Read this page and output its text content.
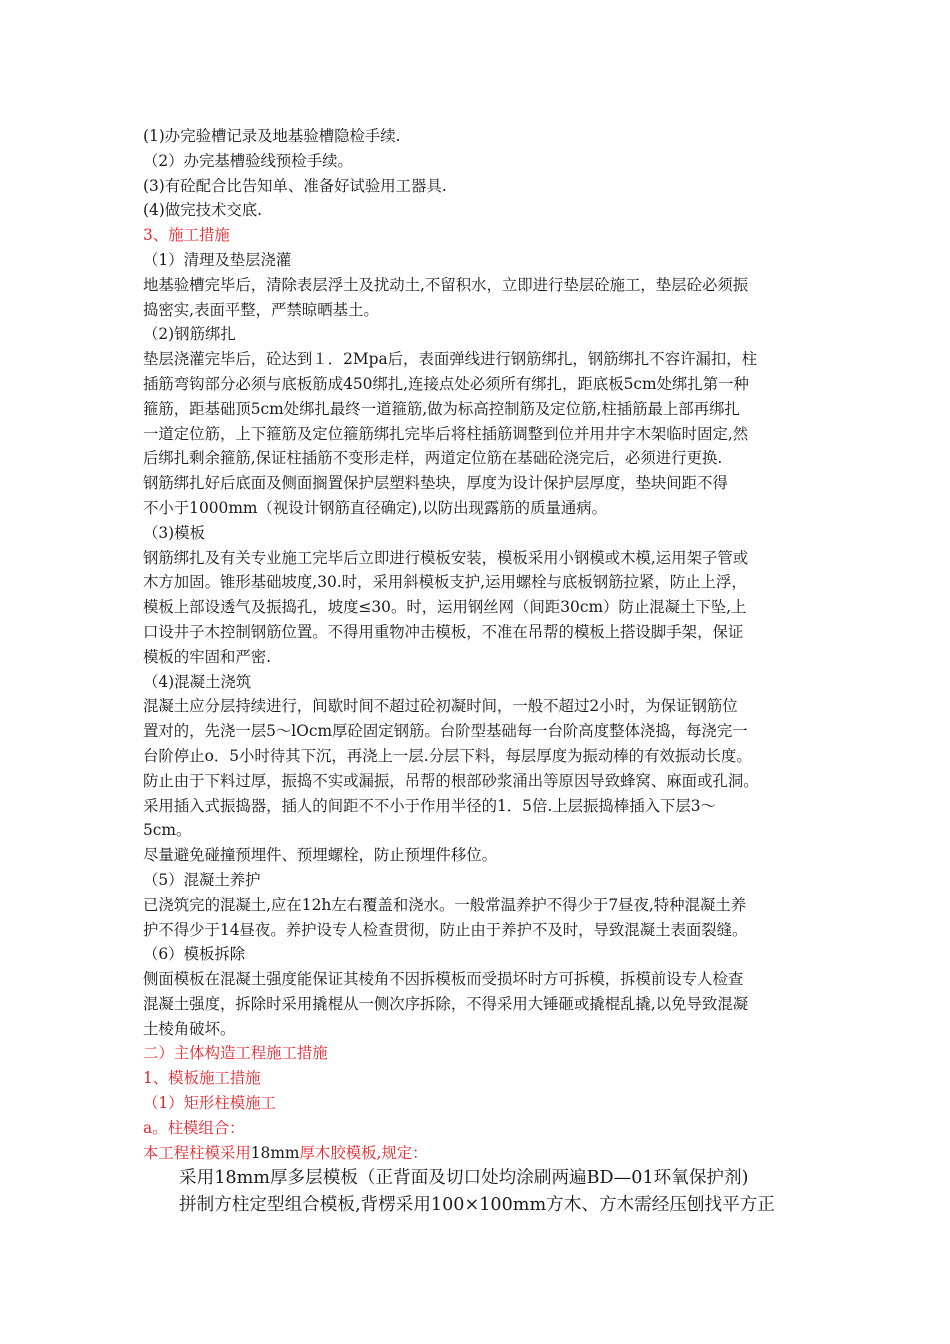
(1)办完验槽记录及地基验槽隐检手续.

（2）办完基槽验线预检手续。

(3)有砼配合比告知单、准备好试验用工器具.

(4)做完技术交底.

3、施工措施

（1）清理及垫层浇灌

地基验槽完毕后，清除表层浮土及扰动土,不留积水，立即进行垫层砼施工，垫层砼必须振

捣密实,表面平整，严禁晾晒基土。

（2)钢筋绑扎

垫层浇灌完毕后，砼达到１．2Mpa后，表面弹线进行钢筋绑扎，钢筋绑扎不容许漏扣，柱

插筋弯钩部分必须与底板筋成450绑扎,连接点处必须所有绑扎，距底板5cm处绑扎第一种

箍筋，距基础顶5cm处绑扎最终一道箍筋,做为标高控制筋及定位筋,柱插筋最上部再绑扎

一道定位筋，上下箍筋及定位箍筋绑扎完毕后将柱插筋调整到位并用井字木架临时固定,然

后绑扎剩余箍筋,保证柱插筋不变形走样，两道定位筋在基础砼浇完后，必须进行更换.

钢筋绑扎好后底面及侧面搁置保护层塑料垫块，厚度为设计保护层厚度，垫块间距不得

不小于1000mm（视设计钢筋直径确定),以防出现露筋的质量通病。

（3)模板

钢筋绑扎及有关专业施工完毕后立即进行模板安装，模板采用小钢模或木模,运用架子管或

木方加固。锥形基础坡度,30.时，采用斜模板支护,运用螺栓与底板钢筋拉紧，防止上浮，

模板上部设透气及振捣孔，坡度≤30。时，运用钢丝网（间距30cm）防止混凝土下坠,上

口设井子木控制钢筋位置。不得用重物冲击模板，不准在吊帮的模板上搭设脚手架，保证

模板的牢固和严密.

（4)混凝土浇筑

混凝土应分层持续进行，间歇时间不超过砼初凝时间，一般不超过2小时，为保证钢筋位

置对的，先浇一层5～lOcm厚砼固定钢筋。台阶型基础每一台阶高度整体浇捣，每浇完一

台阶停止o．5小时待其下沉，再浇上一层.分层下料，每层厚度为振动棒的有效振动长度。

防止由于下料过厚，振捣不实或漏振，吊帮的根部砂浆涌出等原因导致蜂窝、麻面或孔洞。

采用插入式振捣器，插人的间距不不小于作用半径的1．5倍.上层振捣棒插入下层3～

5cm。

尽量避免碰撞预埋件、预埋螺栓，防止预埋件移位。

（5）混凝土养护

已浇筑完的混凝土,应在12h左右覆盖和浇水。一般常温养护不得少于7昼夜,特种混凝土养

护不得少于14昼夜。养护设专人检查贯彻，防止由于养护不及时，导致混凝土表面裂缝。

（6）模板拆除

侧面模板在混凝土强度能保证其棱角不因拆模板而受损坏时方可拆模，拆模前设专人检查

混凝土强度，拆除时采用撬棍从一侧次序拆除，不得采用大锤砸或撬棍乱撬,以免导致混凝

土棱角破坏。

二）主体构造工程施工措施

1、模板施工措施

（1）矩形柱模施工

a。柱模组合：

本工程柱模采用18mm厚木胶模板,规定：

采用18mm厚多层模板（正背面及切口处均涂刷两遍BD—01环氧保护剂)

拼制方柱定型组合模板,背楞采用100×100mm方木、方木需经压刨找平方正
